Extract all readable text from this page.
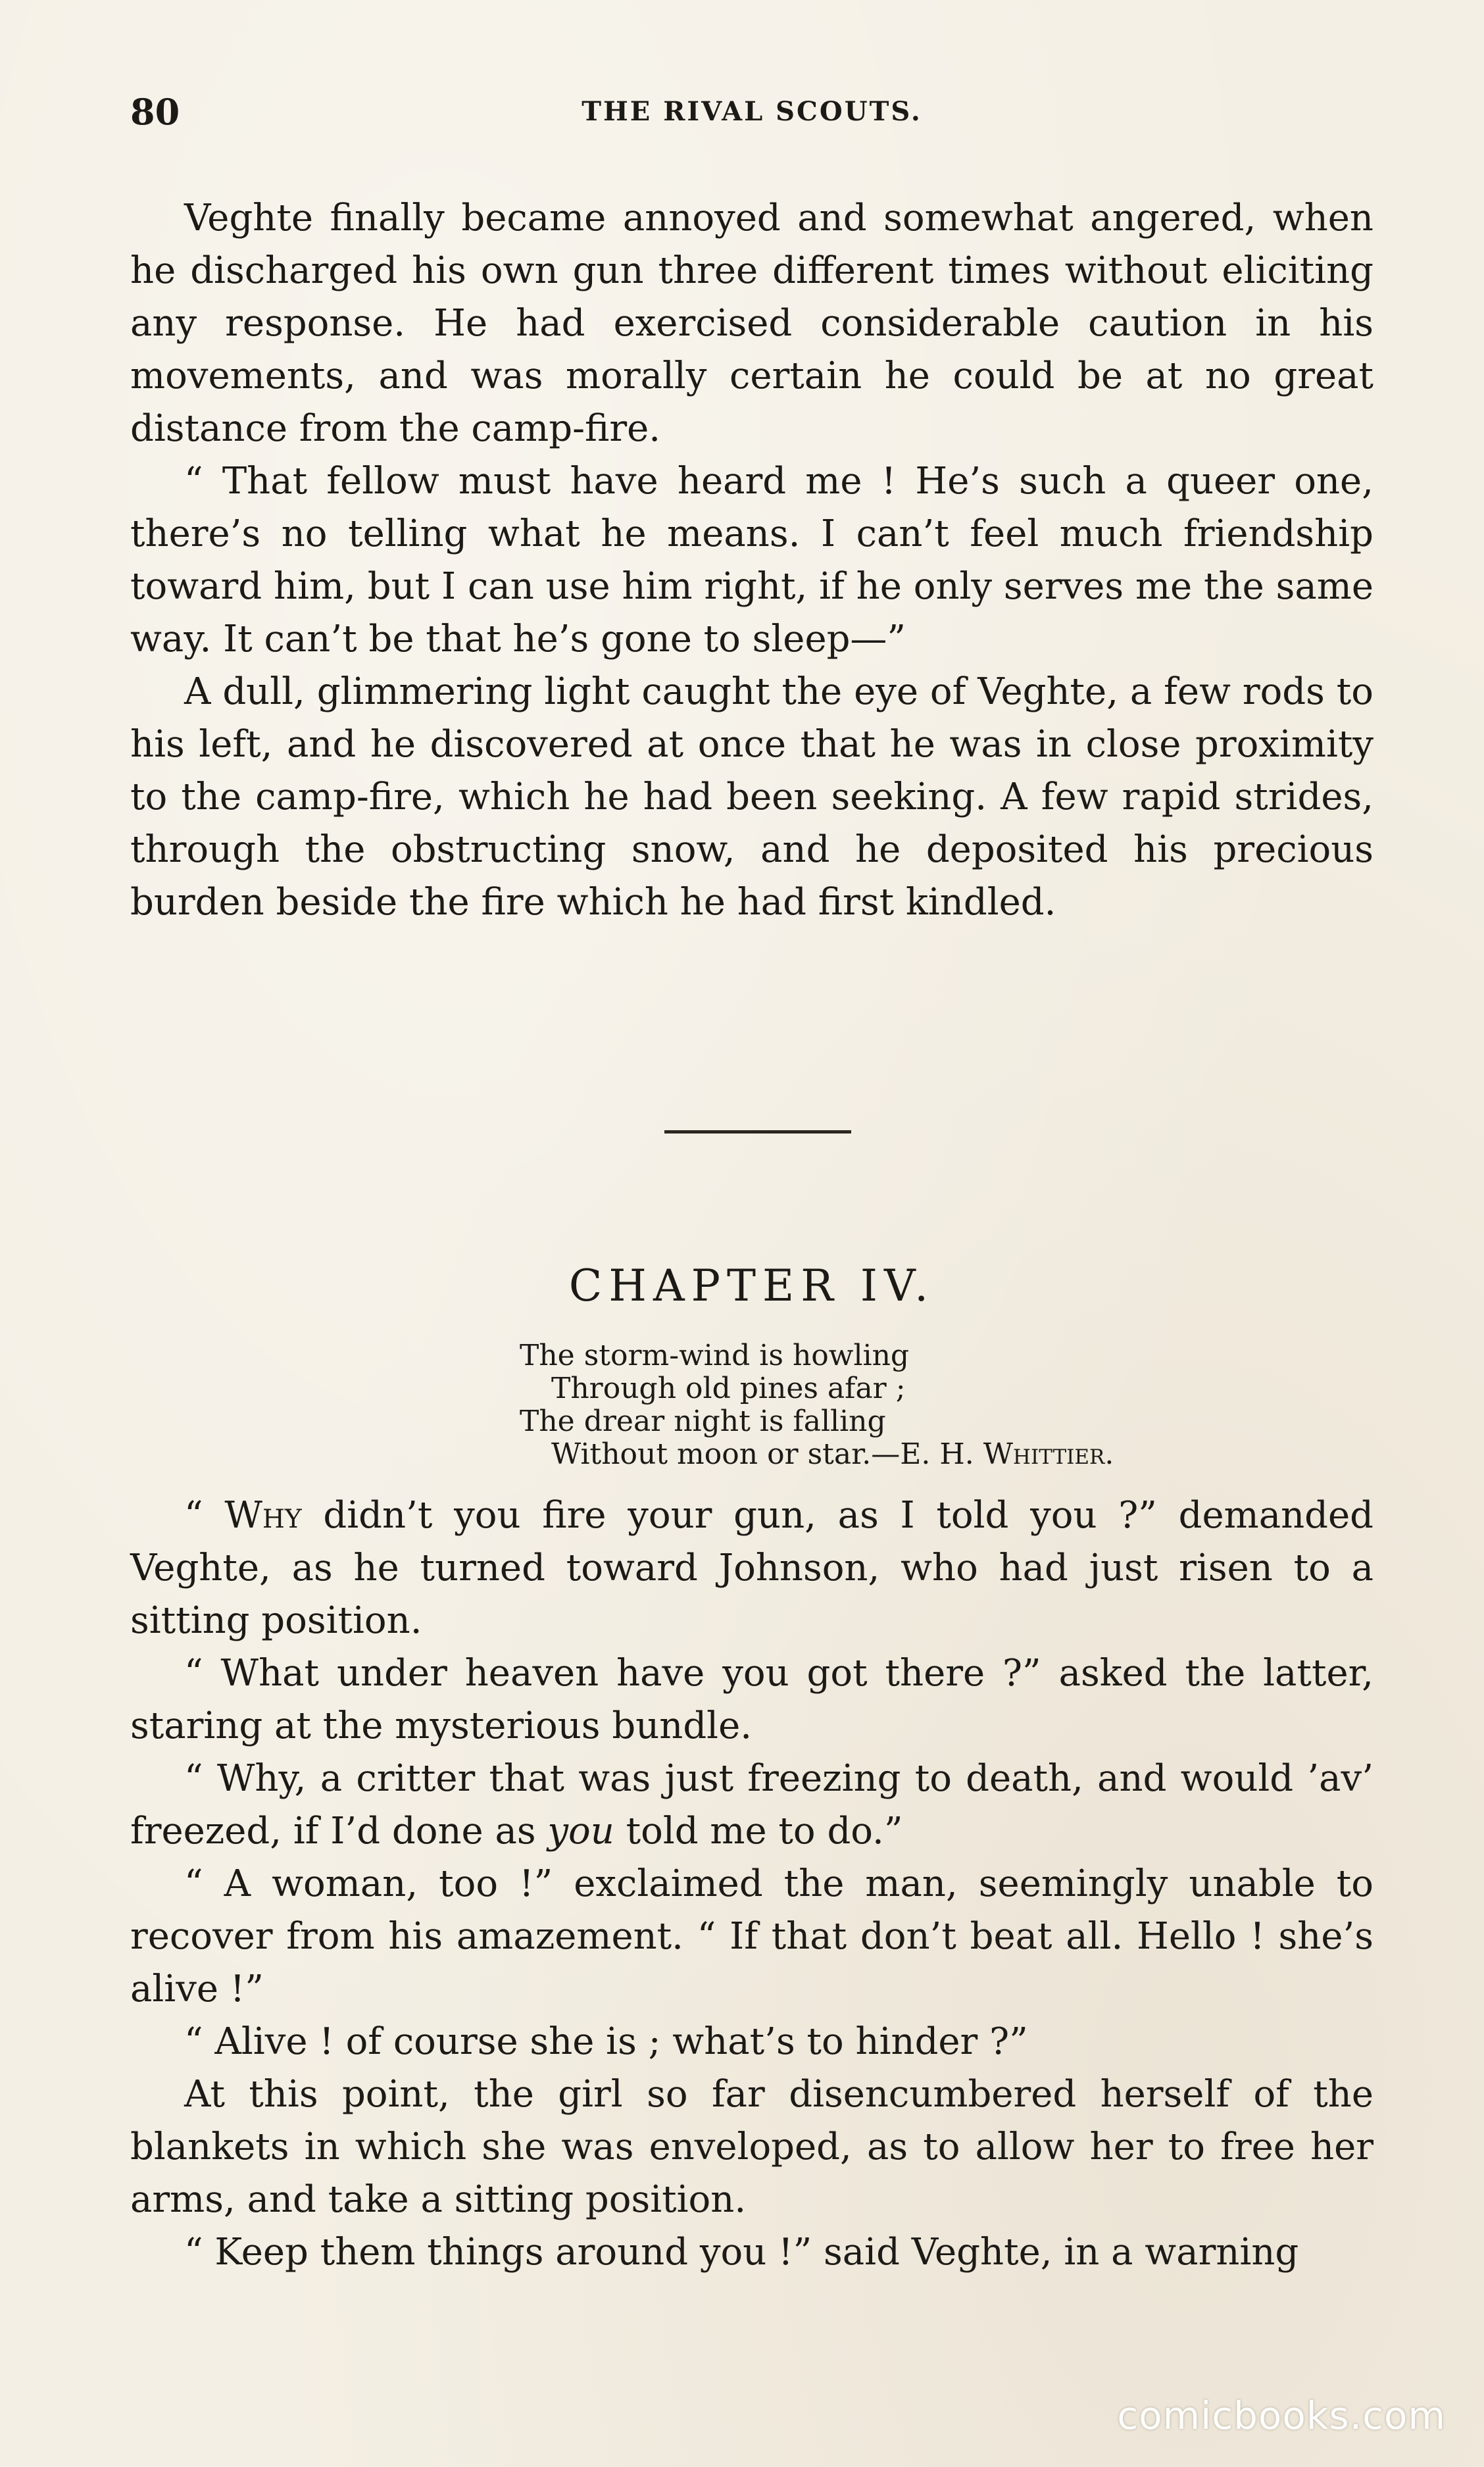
80	THE RIVAL SCOUTS.

Veghte finally became annoyed and somewhat angered, when he discharged his own gun three different times without eliciting any response. He had exercised considerable caution in his movements, and was morally certain he could be at no great distance from the camp-fire.

“ That fellow must have heard me ! He’s such a queer one, there’s no telling what he means. I can’t feel much friendship toward him, but I can use him right, if he only serves me the same way. It can’t be that he’s gone to sleep—”

A dull, glimmering light caught the eye of Veghte, a few rods to his left, and he discovered at once that he was in close proximity to the camp-fire, which he had been seeking. A few rapid strides, through the obstructing snow, and he deposited his precious burden beside the fire which he had first kindled.

CHAPTER IV.
The storm-wind is howling
Through old pines afar ;
The drear night is falling
Without moon or star.—E. H. Whittier.

“ Why didn’t you fire your gun, as I told you ?” demanded Veghte, as he turned toward Johnson, who had just risen to a sitting position.

“ What under heaven have you got there ?” asked the latter, staring at the mysterious bundle.

“ Why, a critter that was just freezing to death, and would ’av’ freezed, if I’d done as you told me to do.”

“ A woman, too !” exclaimed the man, seemingly unable to recover from his amazement. “ If that don’t beat all. Hello ! she’s alive !”

“ Alive ! of course she is ; what’s to hinder ?”

At this point, the girl so far disencumbered herself of the blankets in which she was enveloped, as to allow her to free her arms, and take a sitting position.

“ Keep them things around you !” said Veghte, in a warning

comicbooks.com
